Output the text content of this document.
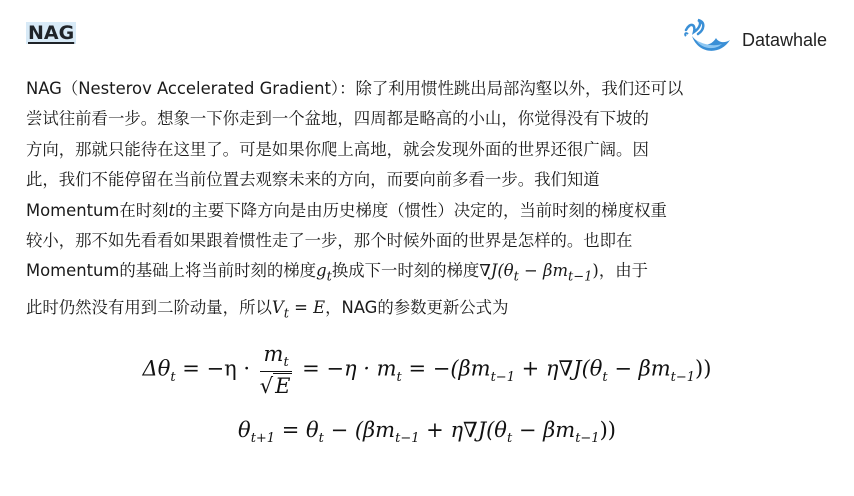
NAG	Datawhale
NAG（Nesterov Accelerated Gradient）：除了利用惯性跳出局部沟壑以外，我们还可以
尝试往前看一步。想象一下你走到一个盆地，四周都是略高的小山，你觉得没有下坡的
方向，那就只能待在这里了。可是如果你爬上高地，就会发现外面的世界还很广阔。因
此，我们不能停留在当前位置去观察未来的方向，而要向前多看一步。我们知道
Momentum在时刻t的主要下降方向是由历史梯度（惯性）决定的，当前时刻的梯度权重
较小，那不如先看看如果跟着惯性走了一步，那个时候外面的世界是怎样的。也即在
Momentum的基础上将当前时刻的梯度$g_t$换成下一时刻的梯度$\nabla J(\theta_t - \beta m_{t-1})$，由于
此时仍然没有用到二阶动量，所以$V_t = E$，NAG的参数更新公式为
$\Delta\theta_t = -\eta \cdot \frac{m_t}{√E} = -\eta \cdot m_t = -(\beta m_{t-1} + \eta\nabla J(\theta_t - \beta m_{t-1}))$
$\theta_{t+1} = \theta_t - (\beta m_{t-1} + \eta\nabla J(\theta_t - \beta m_{t-1}))$
